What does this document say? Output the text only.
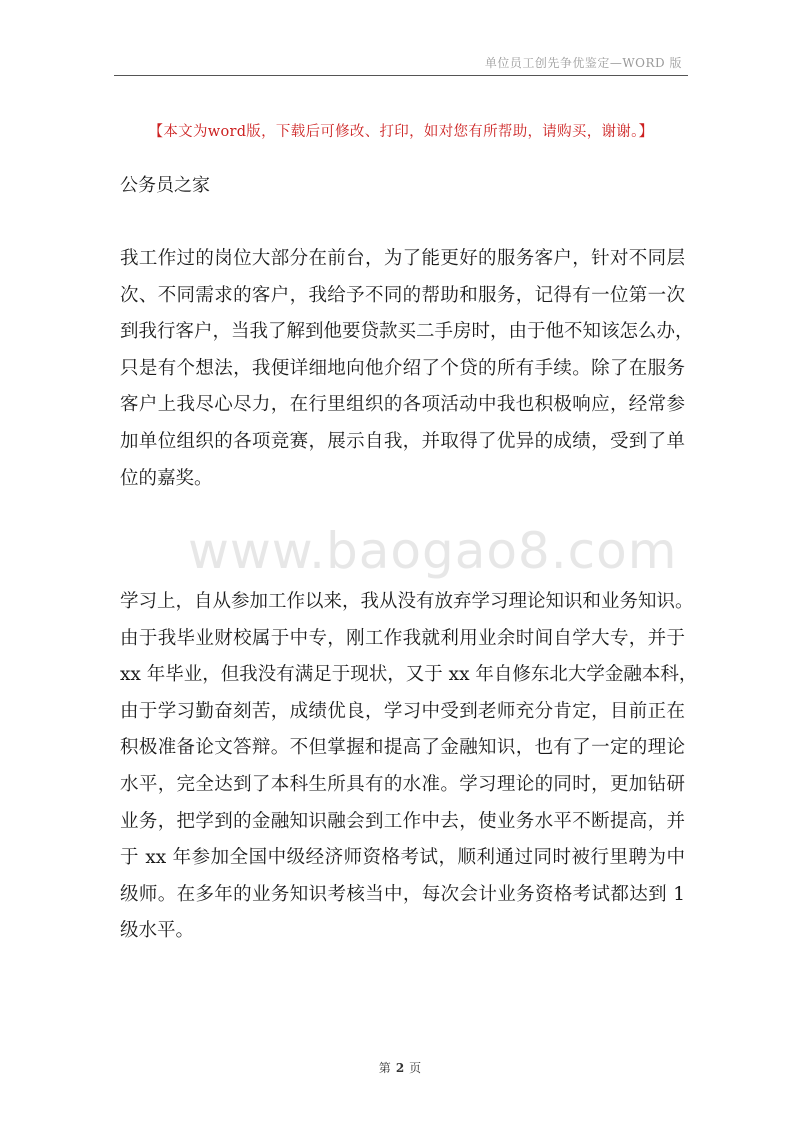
单位员工创先争优鉴定—WORD 版
【本文为word版，下载后可修改、打印，如对您有所帮助，请购买，谢谢。】
公务员之家

我工作过的岗位大部分在前台，为了能更好的服务客户，针对不同层
次、不同需求的客户，我给予不同的帮助和服务，记得有一位第一次
到我行客户，当我了解到他要贷款买二手房时，由于他不知该怎么办，
只是有个想法，我便详细地向他介绍了个贷的所有手续。除了在服务
客户上我尽心尽力，在行里组织的各项活动中我也积极响应，经常参
加单位组织的各项竞赛，展示自我，并取得了优异的成绩，受到了单
位的嘉奖。

www.baogao8.com

学习上，自从参加工作以来，我从没有放弃学习理论知识和业务知识。
由于我毕业财校属于中专，刚工作我就利用业余时间自学大专，并于
xx 年毕业，但我没有满足于现状，又于 xx 年自修东北大学金融本科，
由于学习勤奋刻苦，成绩优良，学习中受到老师充分肯定，目前正在
积极准备论文答辩。不但掌握和提高了金融知识，也有了一定的理论
水平，完全达到了本科生所具有的水准。学习理论的同时，更加钻研
业务，把学到的金融知识融会到工作中去，使业务水平不断提高，并
于 xx 年参加全国中级经济师资格考试，顺利通过同时被行里聘为中
级师。在多年的业务知识考核当中，每次会计业务资格考试都达到 1
级水平。

第 2 页
